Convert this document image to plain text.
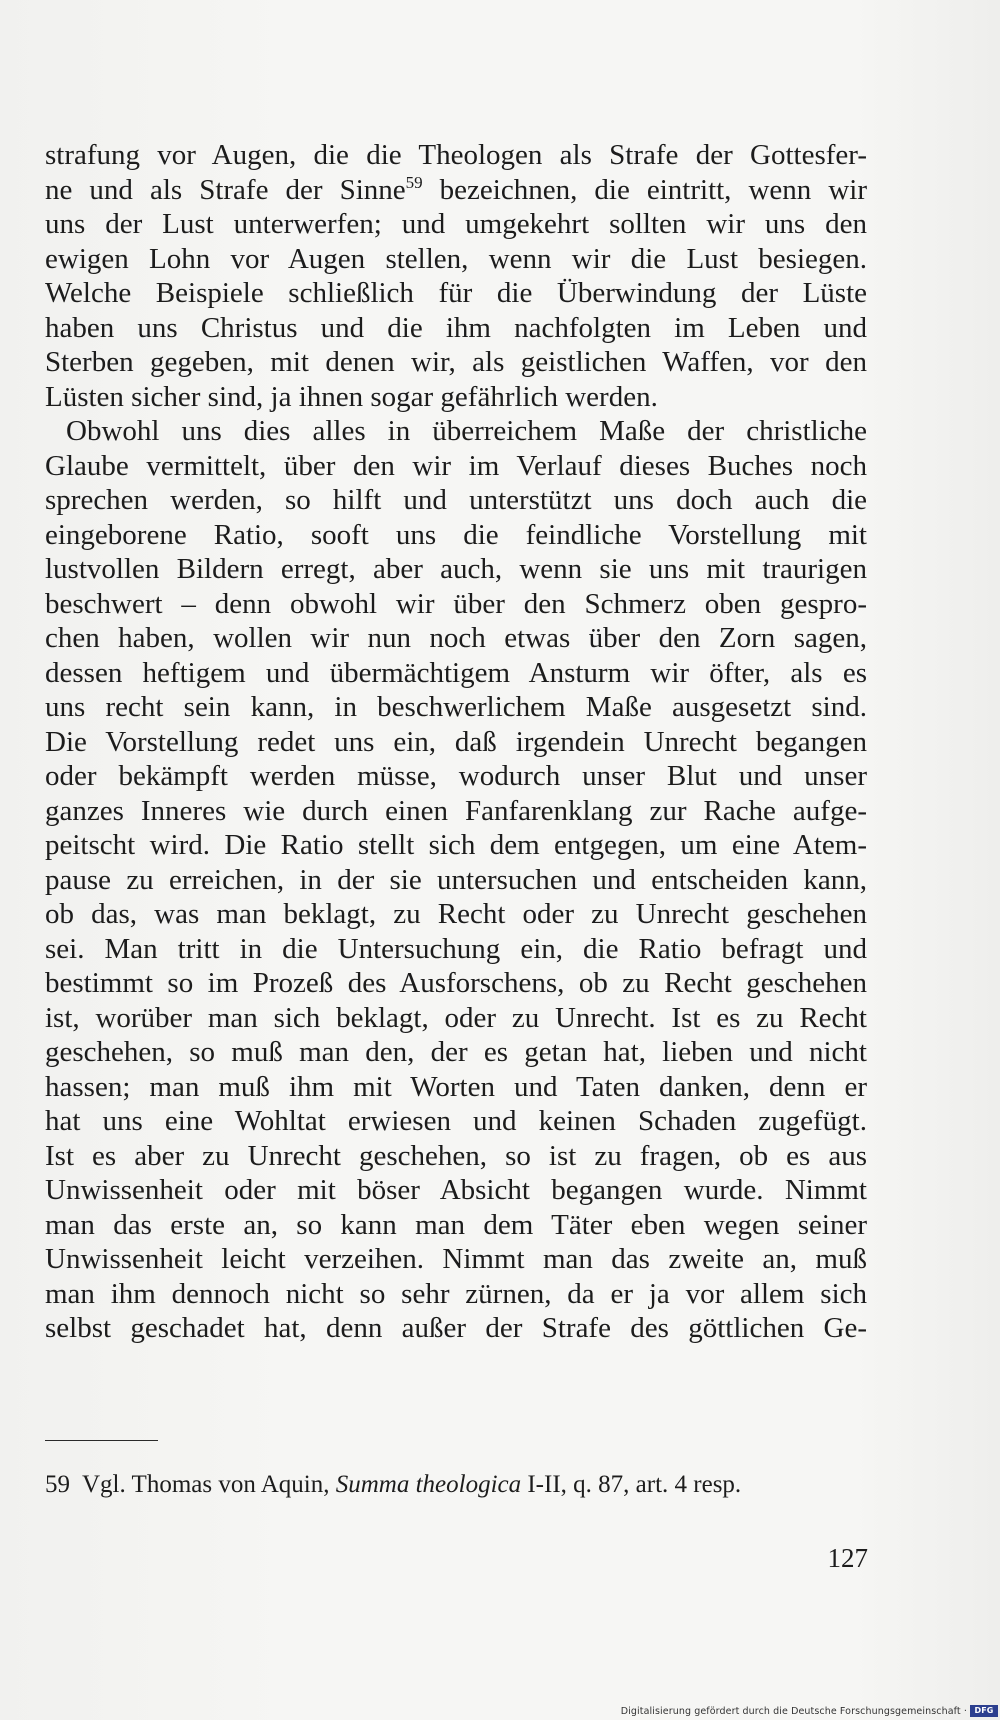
strafung vor Augen, die die Theologen als Strafe der Gottesfer-
ne und als Strafe der Sinne$^{59}$ bezeichnen, die eintritt, wenn wir
uns der Lust unterwerfen; und umgekehrt sollten wir uns den
ewigen Lohn vor Augen stellen, wenn wir die Lust besiegen.
Welche Beispiele schließlich für die Überwindung der Lüste
haben uns Christus und die ihm nachfolgten im Leben und
Sterben gegeben, mit denen wir, als geistlichen Waffen, vor den
Lüsten sicher sind, ja ihnen sogar gefährlich werden.
Obwohl uns dies alles in überreichem Maße der christliche
Glaube vermittelt, über den wir im Verlauf dieses Buches noch
sprechen werden, so hilft und unterstützt uns doch auch die
eingeborene Ratio, sooft uns die feindliche Vorstellung mit
lustvollen Bildern erregt, aber auch, wenn sie uns mit traurigen
beschwert – denn obwohl wir über den Schmerz oben gespro-
chen haben, wollen wir nun noch etwas über den Zorn sagen,
dessen heftigem und übermächtigem Ansturm wir öfter, als es
uns recht sein kann, in beschwerlichem Maße ausgesetzt sind.
Die Vorstellung redet uns ein, daß irgendein Unrecht begangen
oder bekämpft werden müsse, wodurch unser Blut und unser
ganzes Inneres wie durch einen Fanfarenklang zur Rache aufge-
peitscht wird. Die Ratio stellt sich dem entgegen, um eine Atem-
pause zu erreichen, in der sie untersuchen und entscheiden kann,
ob das, was man beklagt, zu Recht oder zu Unrecht geschehen
sei. Man tritt in die Untersuchung ein, die Ratio befragt und
bestimmt so im Prozeß des Ausforschens, ob zu Recht geschehen
ist, worüber man sich beklagt, oder zu Unrecht. Ist es zu Recht
geschehen, so muß man den, der es getan hat, lieben und nicht
hassen; man muß ihm mit Worten und Taten danken, denn er
hat uns eine Wohltat erwiesen und keinen Schaden zugefügt.
Ist es aber zu Unrecht geschehen, so ist zu fragen, ob es aus
Unwissenheit oder mit böser Absicht begangen wurde. Nimmt
man das erste an, so kann man dem Täter eben wegen seiner
Unwissenheit leicht verzeihen. Nimmt man das zweite an, muß
man ihm dennoch nicht so sehr zürnen, da er ja vor allem sich
selbst geschadet hat, denn außer der Strafe des göttlichen Ge-
59 Vgl. Thomas von Aquin, Summa theologica I-II, q. 87, art. 4 resp.
127
Digitalisierung gefördert durch die Deutsche Forschungsgemeinschaft · DFG
